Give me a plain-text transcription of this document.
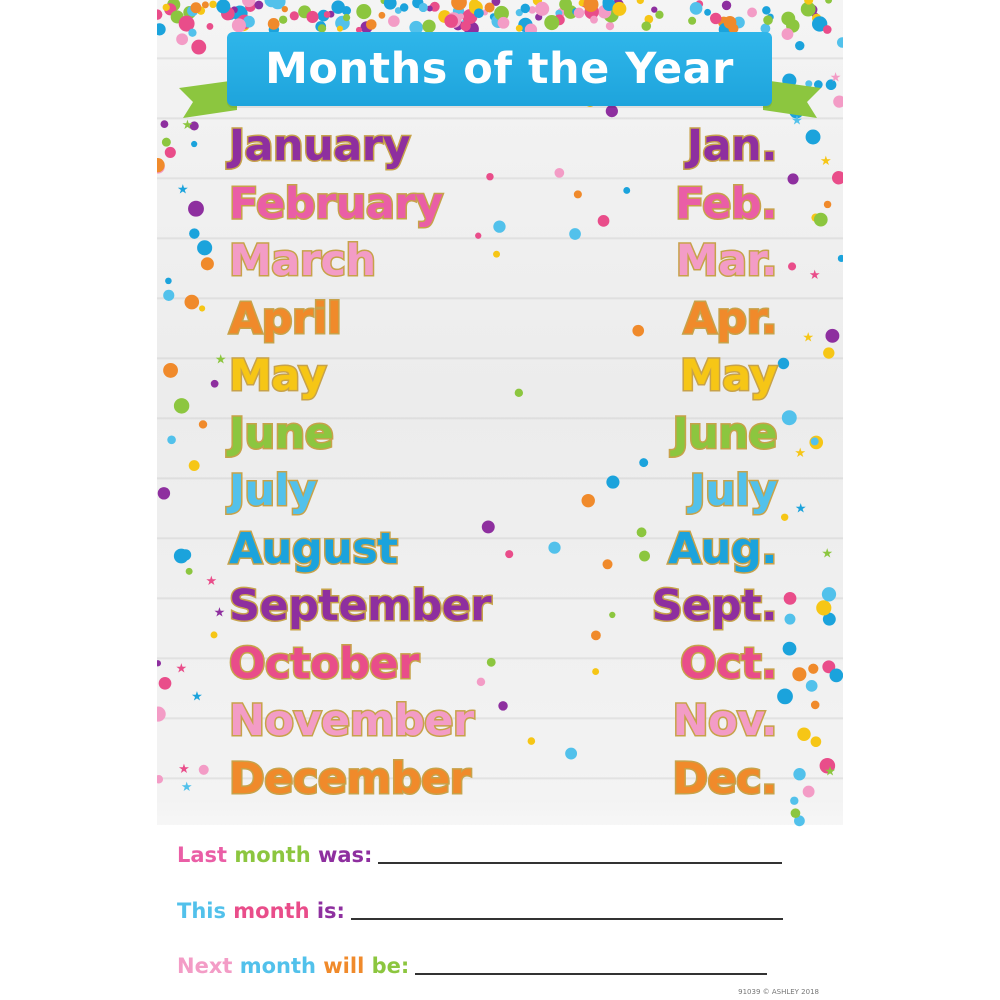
★
★
★
★
★
★
★
★
★
★
★
★
★
★
★
★
★
★
Months of the Year
January	Jan.
February	Feb.
March	Mar.
April	Apr.
May	May
June	June
July	July
August	Aug.
September	Sept.
October	Oct.
November	Nov.
December	Dec.
Last month was:
This month is:
Next month will be:
91039 © ASHLEY 2018
